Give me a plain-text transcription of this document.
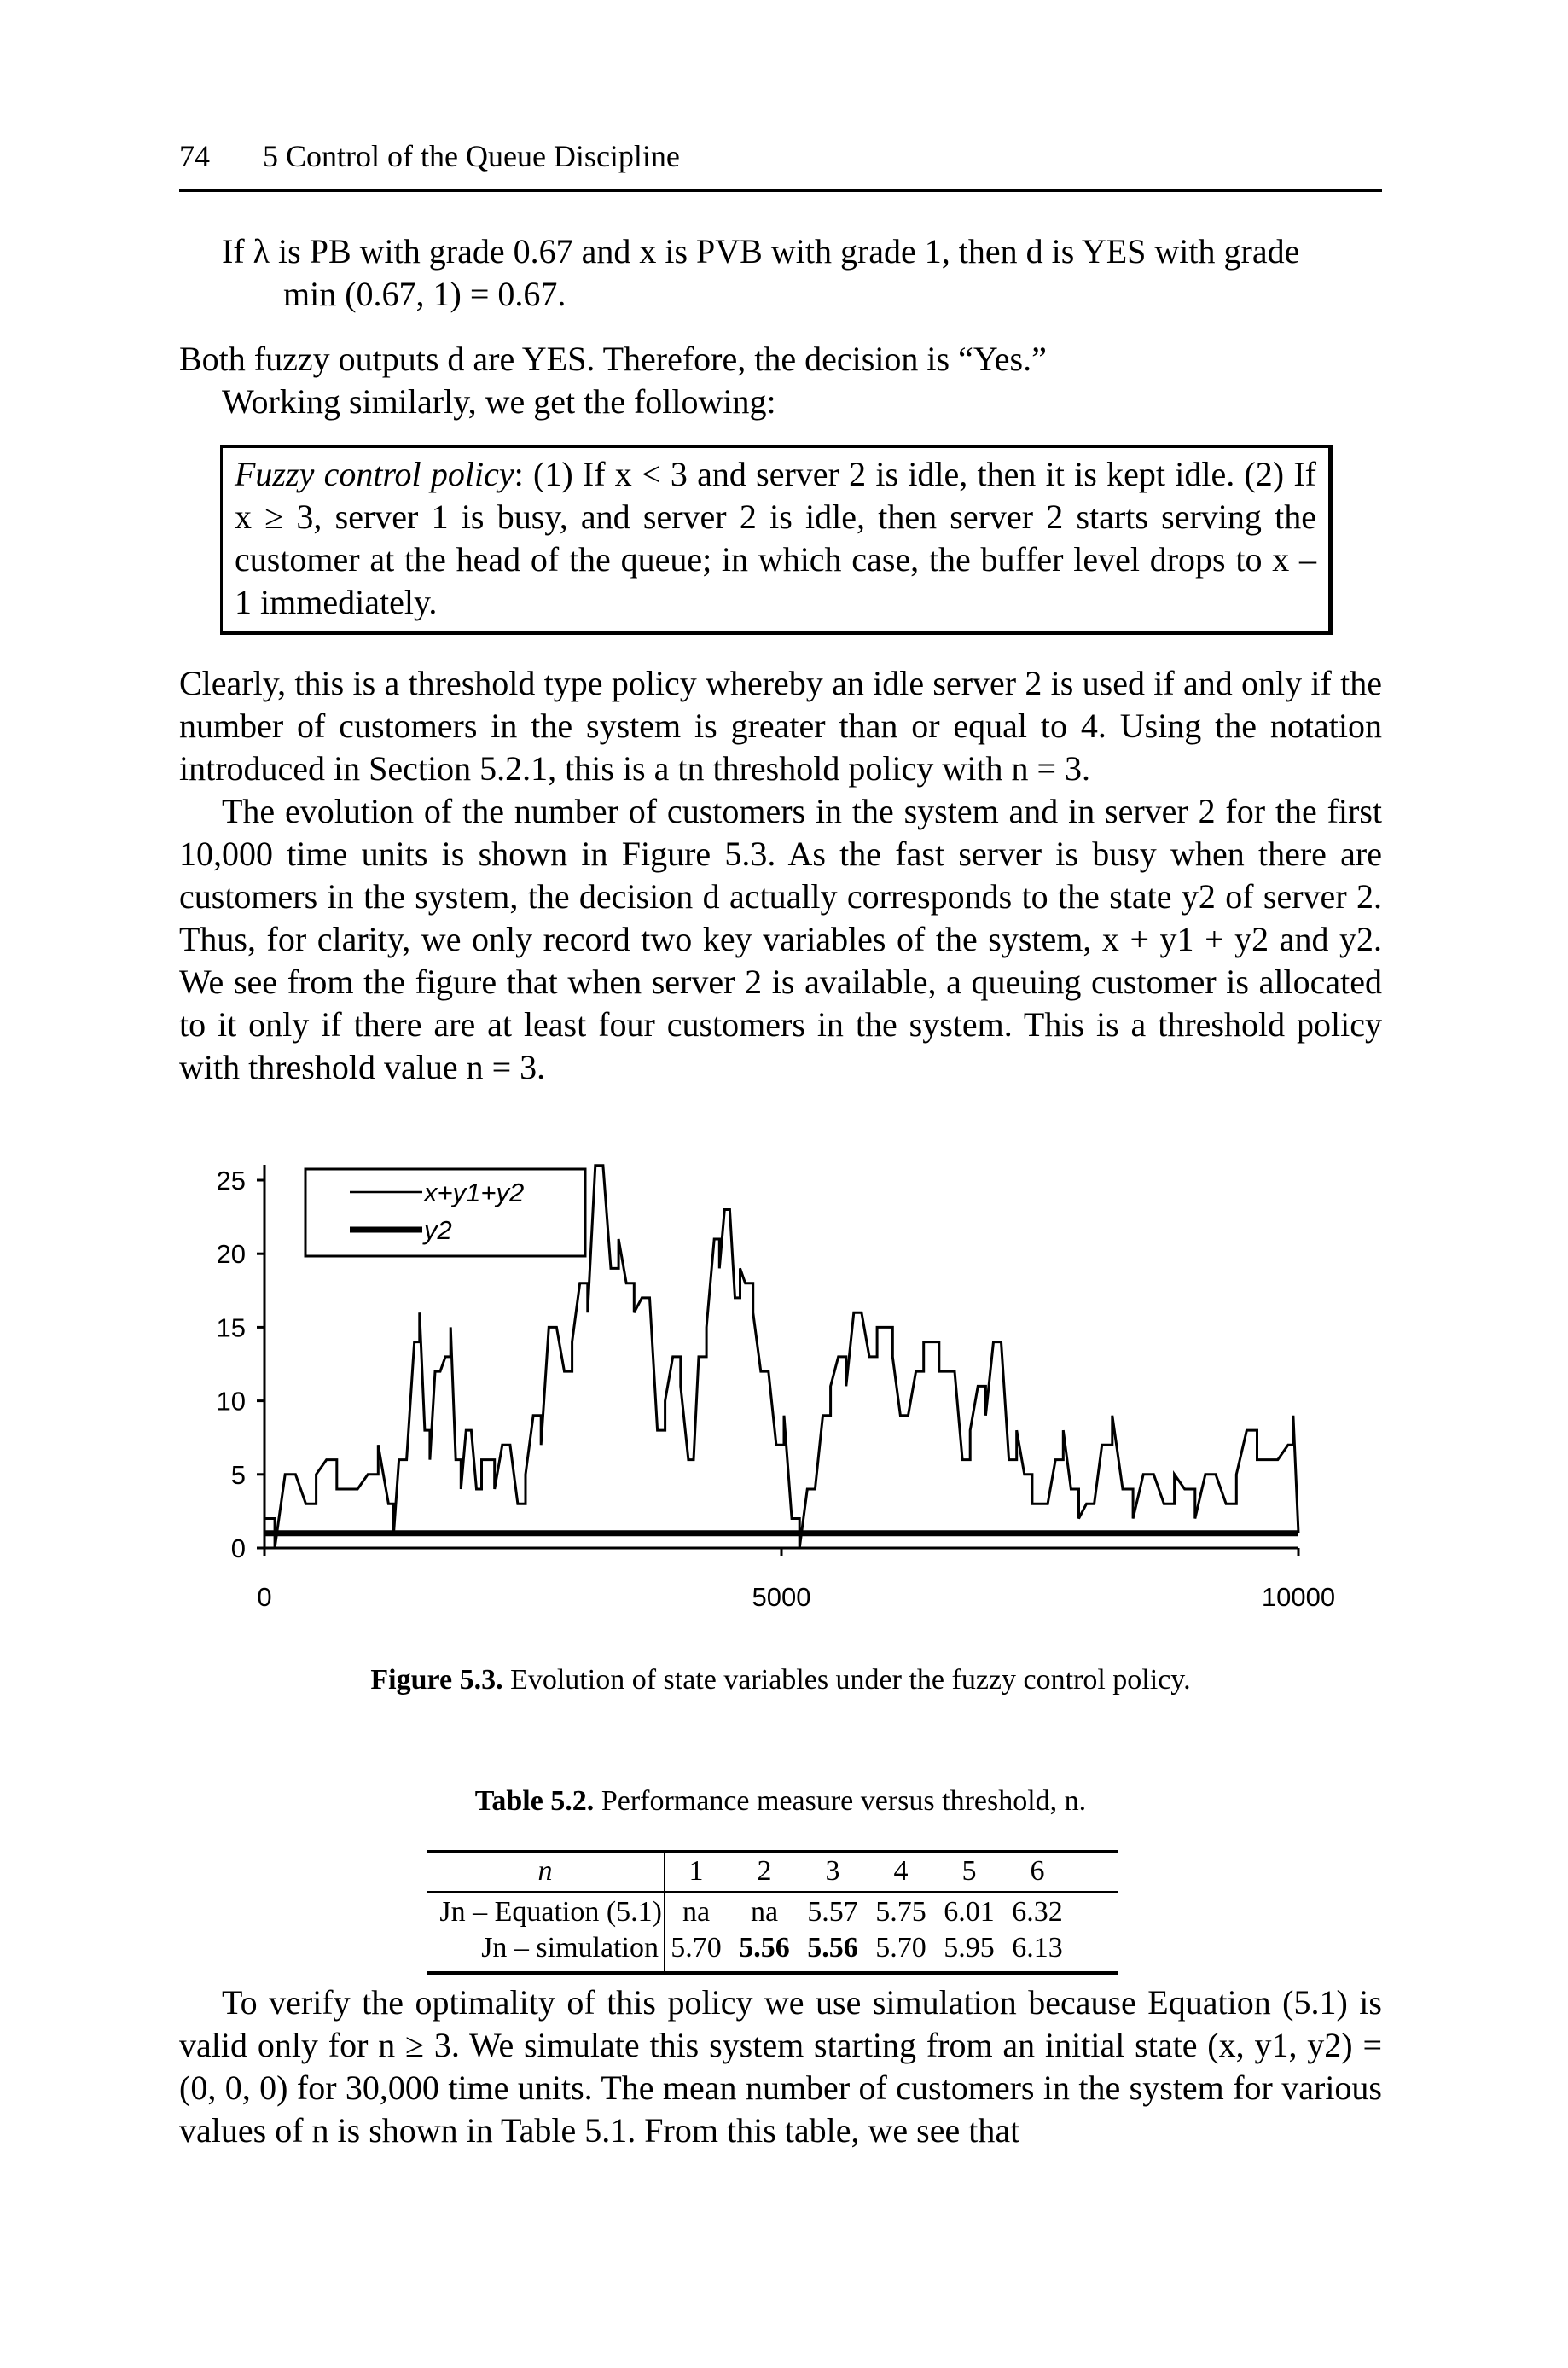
74 5 Control of the Queue Discipline
If λ is PB with grade 0.67 and x is PVB with grade 1, then d is YES with grade
min (0.67, 1) = 0.67.
Both fuzzy outputs d are YES. Therefore, the decision is “Yes.”
Working similarly, we get the following:
Fuzzy control policy: (1) If x < 3 and server 2 is idle, then it is kept idle. (2) If x ≥ 3, server 1 is busy, and server 2 is idle, then server 2 starts serving the customer at the head of the queue; in which case, the buffer level drops to x – 1 immediately.
Clearly, this is a threshold type policy whereby an idle server 2 is used if and only if the number of customers in the system is greater than or equal to 4. Using the notation introduced in Section 5.2.1, this is a tn threshold policy with n = 3.
The evolution of the number of customers in the system and in server 2 for the first 10,000 time units is shown in Figure 5.3. As the fast server is busy when there are customers in the system, the decision d actually corresponds to the state y2 of server 2. Thus, for clarity, we only record two key variables of the system, x + y1 + y2 and y2. We see from the figure that when server 2 is available, a queuing customer is allocated to it only if there are at least four customers in the system. This is a threshold policy with threshold value n = 3.
0
5
10
15
20
25
0	5000	10000
x+y1+y2
y2
Figure 5.3. Evolution of state variables under the fuzzy control policy.
Table 5.2. Performance measure versus threshold, n.
n	1	2	3	4	5	6
Jn – Equation (5.1) na	na	5.57 5.75 6.01 6.32
Jn – simulation 5.70 5.56 5.56 5.70 5.95 6.13
To verify the optimality of this policy we use simulation because Equation (5.1) is valid only for n ≥ 3. We simulate this system starting from an initial state (x, y1, y2) = (0, 0, 0) for 30,000 time units. The mean number of customers in the system for various values of n is shown in Table 5.1. From this table, we see that
